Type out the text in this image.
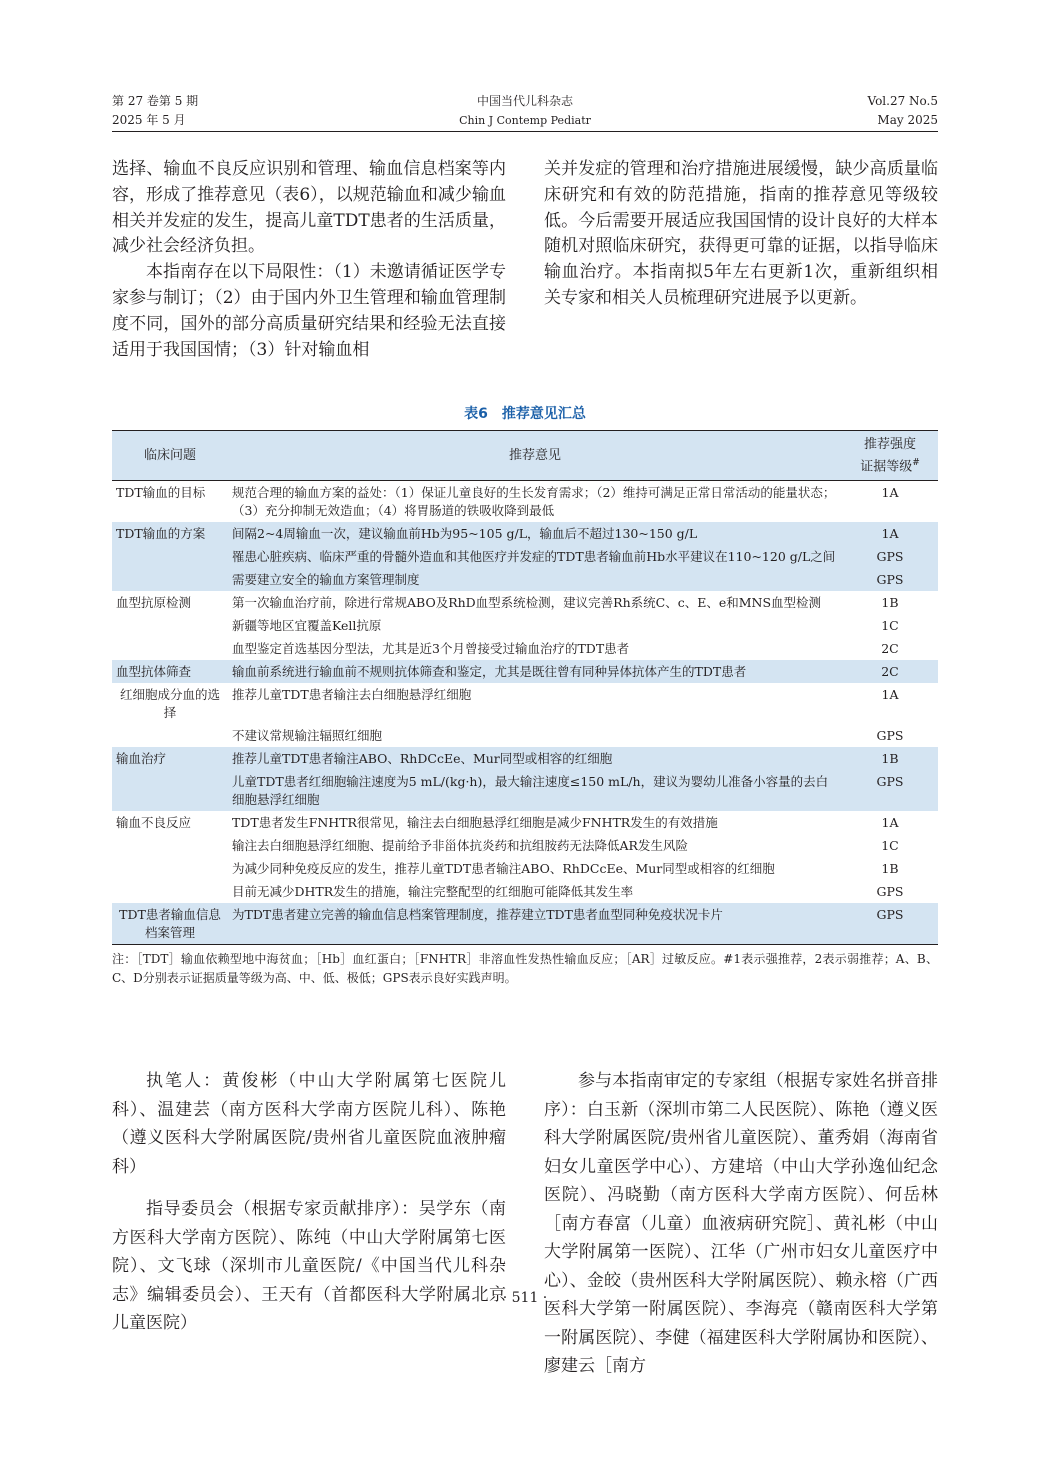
第 27 卷第 5 期
2025 年 5 月
中国当代儿科杂志
Chin J Contemp Pediatr
Vol.27 No.5
May 2025

选择、输血不良反应识别和管理、输血信息档案等内容，形成了推荐意见（表6），以规范输血和减少输血相关并发症的发生，提高儿童TDT患者的生活质量，减少社会经济负担。

本指南存在以下局限性：（1）未邀请循证医学专家参与制订；（2）由于国内外卫生管理和输血管理制度不同，国外的部分高质量研究结果和经验无法直接适用于我国国情；（3）针对输血相

关并发症的管理和治疗措施进展缓慢，缺少高质量临床研究和有效的防范措施，指南的推荐意见等级较低。今后需要开展适应我国国情的设计良好的大样本随机对照临床研究，获得更可靠的证据，以指导临床输血治疗。本指南拟5年左右更新1次，重新组织相关专家和相关人员梳理研究进展予以更新。

表6　推荐意见汇总
临床问题	推荐意见	推荐强度
证据等级#

TDT输血的目标	规范合理的输血方案的益处：（1）保证儿童良好的生长发育需求；（2）维持可满足正常日常活动的能量状态；（3）充分抑制无效造血；（4）将胃肠道的铁吸收降到最低	1A
TDT输血的方案	间隔2~4周输血一次，建议输血前Hb为95~105 g/L，输血后不超过130~150 g/L	1A
	罹患心脏疾病、临床严重的骨髓外造血和其他医疗并发症的TDT患者输血前Hb水平建议在110~120 g/L之间	GPS
	需要建立安全的输血方案管理制度	GPS
血型抗原检测	第一次输血治疗前，除进行常规ABO及RhD血型系统检测，建议完善Rh系统C、c、E、e和MNS血型检测	1B
	新疆等地区宜覆盖Kell抗原	1C
	血型鉴定首选基因分型法，尤其是近3个月曾接受过输血治疗的TDT患者	2C
血型抗体筛查	输血前系统进行输血前不规则抗体筛查和鉴定，尤其是既往曾有同种异体抗体产生的TDT患者	2C
红细胞成分血的选择	推荐儿童TDT患者输注去白细胞悬浮红细胞	1A
	不建议常规输注辐照红细胞	GPS
输血治疗	推荐儿童TDT患者输注ABO、RhDCcEe、Mur同型或相容的红细胞	1B
	儿童TDT患者红细胞输注速度为5 mL/(kg·h)，最大输注速度≤150 mL/h，建议为婴幼儿准备小容量的去白细胞悬浮红细胞	GPS
输血不良反应	TDT患者发生FNHTR很常见，输注去白细胞悬浮红细胞是减少FNHTR发生的有效措施	1A
	输注去白细胞悬浮红细胞、提前给予非甾体抗炎药和抗组胺药无法降低AR发生风险	1C
	为减少同种免疫反应的发生，推荐儿童TDT患者输注ABO、RhDCcEe、Mur同型或相容的红细胞	1B
	目前无减少DHTR发生的措施，输注完整配型的红细胞可能降低其发生率	GPS
TDT患者输血信息档案管理	为TDT患者建立完善的输血信息档案管理制度，推荐建立TDT患者血型同种免疫状况卡片	GPS
注：［TDT］输血依赖型地中海贫血；［Hb］血红蛋白；［FNHTR］非溶血性发热性输血反应；［AR］过敏反应。#1表示强推荐，2表示弱推荐；A、B、C、D分别表示证据质量等级为高、中、低、极低；GPS表示良好实践声明。

执笔人：黄俊彬（中山大学附属第七医院儿科）、温建芸（南方医科大学南方医院儿科）、陈艳（遵义医科大学附属医院/贵州省儿童医院血液肿瘤科）

指导委员会（根据专家贡献排序）：吴学东（南方医科大学南方医院）、陈纯（中山大学附属第七医院）、文飞球（深圳市儿童医院/《中国当代儿科杂志》编辑委员会）、王天有（首都医科大学附属北京儿童医院）

参与本指南审定的专家组（根据专家姓名拼音排序）：白玉新（深圳市第二人民医院）、陈艳（遵义医科大学附属医院/贵州省儿童医院）、董秀娟（海南省妇女儿童医学中心）、方建培（中山大学孙逸仙纪念医院）、冯晓勤（南方医科大学南方医院）、何岳林［南方春富（儿童）血液病研究院］、黄礼彬（中山大学附属第一医院）、江华（广州市妇女儿童医疗中心）、金皎（贵州医科大学附属医院）、赖永榕（广西医科大学第一附属医院）、李海亮（赣南医科大学第一附属医院）、李健（福建医科大学附属协和医院）、廖建云［南方

· 511 ·
